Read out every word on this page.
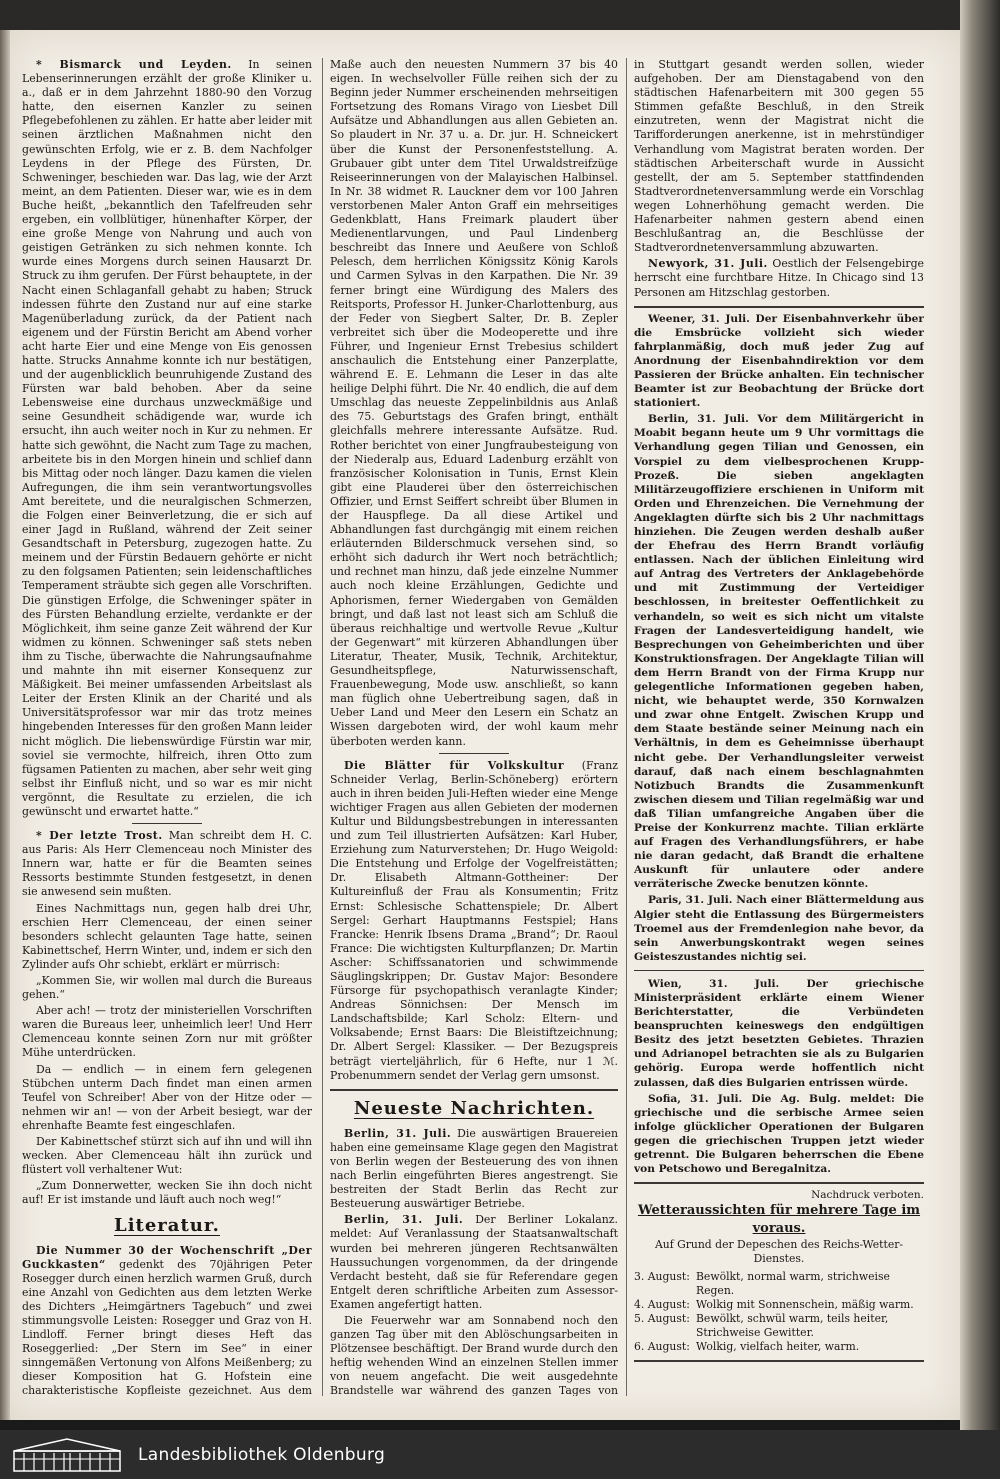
* Bismarck und Leyden. In seinen Lebenserinnerungen erzählt der große Kliniker u. a., daß er in dem Jahrzehnt 1880-90 den Vorzug hatte, den eisernen Kanzler zu seinen Pflegebefohlenen zu zählen. Er hatte aber leider mit seinen ärztlichen Maßnahmen nicht den gewünschten Erfolg, wie er z. B. dem Nachfolger Leydens in der Pflege des Fürsten, Dr. Schweninger, beschieden war. Das lag, wie der Arzt meint, an dem Patienten. Dieser war, wie es in dem Buche heißt, „bekanntlich den Tafelfreuden sehr ergeben, ein vollblütiger, hünenhafter Körper, der eine große Menge von Nahrung und auch von geistigen Getränken zu sich nehmen konnte. Ich wurde eines Morgens durch seinen Hausarzt Dr. Struck zu ihm gerufen. Der Fürst behauptete, in der Nacht einen Schlaganfall gehabt zu haben; Struck indessen führte den Zustand nur auf eine starke Magenüberladung zurück, da der Patient nach eigenem und der Fürstin Bericht am Abend vorher acht harte Eier und eine Menge von Eis genossen hatte. Strucks Annahme konnte ich nur bestätigen, und der augenblicklich beunruhigende Zustand des Fürsten war bald behoben. Aber da seine Lebensweise eine durchaus unzweckmäßige und seine Gesundheit schädigende war, wurde ich ersucht, ihn auch weiter noch in Kur zu nehmen. Er hatte sich gewöhnt, die Nacht zum Tage zu machen, arbeitete bis in den Morgen hinein und schlief dann bis Mittag oder noch länger. Dazu kamen die vielen Aufregungen, die ihm sein verantwortungsvolles Amt bereitete, und die neuralgischen Schmerzen, die Folgen einer Beinverletzung, die er sich auf einer Jagd in Rußland, während der Zeit seiner Gesandtschaft in Petersburg, zugezogen hatte. Zu meinem und der Fürstin Bedauern gehörte er nicht zu den folgsamen Patienten; sein leidenschaftliches Temperament sträubte sich gegen alle Vorschriften. Die günstigen Erfolge, die Schweninger später in des Fürsten Behandlung erzielte, verdankte er der Möglichkeit, ihm seine ganze Zeit während der Kur widmen zu können. Schweninger saß stets neben ihm zu Tische, überwachte die Nahrungsaufnahme und mahnte ihn mit eiserner Konsequenz zur Mäßigkeit. Bei meiner umfassenden Arbeitslast als Leiter der Ersten Klinik an der Charité und als Universitätsprofessor war mir das trotz meines hingebenden Interesses für den großen Mann leider nicht möglich. Die liebenswürdige Fürstin war mir, soviel sie vermochte, hilfreich, ihren Otto zum fügsamen Patienten zu machen, aber sehr weit ging selbst ihr Einfluß nicht, und so war es mir nicht vergönnt, die Resultate zu erzielen, die ich gewünscht und erwartet hatte.“

* Der letzte Trost. Man schreibt dem H. C. aus Paris: Als Herr Clemenceau noch Minister des Innern war, hatte er für die Beamten seines Ressorts bestimmte Stunden festgesetzt, in denen sie anwesend sein mußten.

Eines Nachmittags nun, gegen halb drei Uhr, erschien Herr Clemenceau, der einen seiner besonders schlecht gelaunten Tage hatte, seinen Kabinettschef, Herrn Winter, und, indem er sich den Zylinder aufs Ohr schiebt, erklärt er mürrisch:

„Kommen Sie, wir wollen mal durch die Bureaus gehen.“

Aber ach! — trotz der ministeriellen Vorschriften waren die Bureaus leer, unheimlich leer! Und Herr Clemenceau konnte seinen Zorn nur mit größter Mühe unterdrücken.

Da — endlich — in einem fern gelegenen Stübchen unterm Dach findet man einen armen Teufel von Schreiber! Aber von der Hitze oder — nehmen wir an! — von der Arbeit besiegt, war der ehrenhafte Beamte fest eingeschlafen.

Der Kabinettschef stürzt sich auf ihn und will ihn wecken. Aber Clemenceau hält ihn zurück und flüstert voll verhaltener Wut:

„Zum Donnerwetter, wecken Sie ihn doch nicht auf! Er ist imstande und läuft auch noch weg!“

Literatur.

Die Nummer 30 der Wochenschrift „Der Guckkasten“ gedenkt des 70jährigen Peter Rosegger durch einen herzlich warmen Gruß, durch eine Anzahl von Gedichten aus dem letzten Werke des Dichters „Heimgärtners Tagebuch“ und zwei stimmungsvolle Leisten: Rosegger und Graz von H. Lindloff. Ferner bringt dieses Heft das Roseggerlied: „Der Stern im See“ in einer sinngemäßen Vertonung von Alfons Meißenberg; zu dieser Komposition hat G. Hofstein eine charakteristische Kopfleiste gezeichnet. Aus dem

Maße auch den neuesten Nummern 37 bis 40 eigen. In wechselvoller Fülle reihen sich der zu Beginn jeder Nummer erscheinenden mehrseitigen Fortsetzung des Romans Virago von Liesbet Dill Aufsätze und Abhandlungen aus allen Gebieten an. So plaudert in Nr. 37 u. a. Dr. jur. H. Schneickert über die Kunst der Personenfeststellung. A. Grubauer gibt unter dem Titel Urwaldstreifzüge Reiseerinnerungen von der Malayischen Halbinsel. In Nr. 38 widmet R. Lauckner dem vor 100 Jahren verstorbenen Maler Anton Graff ein mehrseitiges Gedenkblatt, Hans Freimark plaudert über Medienentlarvungen, und Paul Lindenberg beschreibt das Innere und Aeußere von Schloß Pelesch, dem herrlichen Königssitz König Karols und Carmen Sylvas in den Karpathen. Die Nr. 39 ferner bringt eine Würdigung des Malers des Reitsports, Professor H. Junker-Charlottenburg, aus der Feder von Siegbert Salter, Dr. B. Zepler verbreitet sich über die Modeoperette und ihre Führer, und Ingenieur Ernst Trebesius schildert anschaulich die Entstehung einer Panzerplatte, während E. E. Lehmann die Leser in das alte heilige Delphi führt. Die Nr. 40 endlich, die auf dem Umschlag das neueste Zeppelinbildnis aus Anlaß des 75. Geburtstags des Grafen bringt, enthält gleichfalls mehrere interessante Aufsätze. Rud. Rother berichtet von einer Jungfraubesteigung von der Niederalp aus, Eduard Ladenburg erzählt von französischer Kolonisation in Tunis, Ernst Klein gibt eine Plauderei über den österreichischen Offizier, und Ernst Seiffert schreibt über Blumen in der Hauspflege. Da all diese Artikel und Abhandlungen fast durchgängig mit einem reichen erläuternden Bilderschmuck versehen sind, so erhöht sich dadurch ihr Wert noch beträchtlich; und rechnet man hinzu, daß jede einzelne Nummer auch noch kleine Erzählungen, Gedichte und Aphorismen, ferner Wiedergaben von Gemälden bringt, und daß last not least sich am Schluß die überaus reichhaltige und wertvolle Revue „Kultur der Gegenwart“ mit kürzeren Abhandlungen über Literatur, Theater, Musik, Technik, Architektur, Gesundheitspflege, Naturwissenschaft, Frauenbewegung, Mode usw. anschließt, so kann man füglich ohne Uebertreibung sagen, daß in Ueber Land und Meer den Lesern ein Schatz an Wissen dargeboten wird, der wohl kaum mehr überboten werden kann.

Die Blätter für Volkskultur (Franz Schneider Verlag, Berlin-Schöneberg) erörtern auch in ihren beiden Juli-Heften wieder eine Menge wichtiger Fragen aus allen Gebieten der modernen Kultur und Bildungsbestrebungen in interessanten und zum Teil illustrierten Aufsätzen: Karl Huber, Erziehung zum Naturverstehen; Dr. Hugo Weigold: Die Entstehung und Erfolge der Vogelfreistätten; Dr. Elisabeth Altmann-Gottheiner: Der Kultureinfluß der Frau als Konsumentin; Fritz Ernst: Schlesische Schattenspiele; Dr. Albert Sergel: Gerhart Hauptmanns Festspiel; Hans Francke: Henrik Ibsens Drama „Brand“; Dr. Raoul France: Die wichtigsten Kulturpflanzen; Dr. Martin Ascher: Schiffssanatorien und schwimmende Säuglingskrippen; Dr. Gustav Major: Besondere Fürsorge für psychopathisch veranlagte Kinder; Andreas Sönnichsen: Der Mensch im Landschaftsbilde; Karl Scholz: Eltern- und Volksabende; Ernst Baars: Die Bleistiftzeichnung; Dr. Albert Sergel: Klassiker. — Der Bezugspreis beträgt vierteljährlich, für 6 Hefte, nur 1 ℳ. Probenummern sendet der Verlag gern umsonst.

Neueste Nachrichten.

Berlin, 31. Juli. Die auswärtigen Brauereien haben eine gemeinsame Klage gegen den Magistrat von Berlin wegen der Besteuerung des von ihnen nach Berlin eingeführten Bieres angestrengt. Sie bestreiten der Stadt Berlin das Recht zur Besteuerung auswärtiger Betriebe.

Berlin, 31. Juli. Der Berliner Lokalanz. meldet: Auf Veranlassung der Staatsanwaltschaft wurden bei mehreren jüngeren Rechtsanwälten Haussuchungen vorgenommen, da der dringende Verdacht besteht, daß sie für Referendare gegen Entgelt deren schriftliche Arbeiten zum Assessor-Examen angefertigt hatten.

Die Feuerwehr war am Sonnabend noch den ganzen Tag über mit den Ablöschungsarbeiten in Plötzensee beschäftigt. Der Brand wurde durch den heftig wehenden Wind an einzelnen Stellen immer von neuem angefacht. Die weit ausgedehnte Brandstelle war während des ganzen Tages von

in Stuttgart gesandt werden sollen, wieder aufgehoben. Der am Dienstagabend von den städtischen Hafenarbeitern mit 300 gegen 55 Stimmen gefaßte Beschluß, in den Streik einzutreten, wenn der Magistrat nicht die Tarifforderungen anerkenne, ist in mehrstündiger Verhandlung vom Magistrat beraten worden. Der städtischen Arbeiterschaft wurde in Aussicht gestellt, der am 5. September stattfindenden Stadtverordnetenversammlung werde ein Vorschlag wegen Lohnerhöhung gemacht werden. Die Hafenarbeiter nahmen gestern abend einen Beschlußantrag an, die Beschlüsse der Stadtverordnetenversammlung abzuwarten.

Newyork, 31. Juli. Oestlich der Felsengebirge herrscht eine furchtbare Hitze. In Chicago sind 13 Personen am Hitzschlag gestorben.

Weener, 31. Juli. Der Eisenbahnverkehr über die Emsbrücke vollzieht sich wieder fahrplanmäßig, doch muß jeder Zug auf Anordnung der Eisenbahndirektion vor dem Passieren der Brücke anhalten. Ein technischer Beamter ist zur Beobachtung der Brücke dort stationiert.

Berlin, 31. Juli. Vor dem Militärgericht in Moabit begann heute um 9 Uhr vormittags die Verhandlung gegen Tilian und Genossen, ein Vorspiel zu dem vielbesprochenen Krupp-Prozeß. Die sieben angeklagten Militärzeugoffiziere erschienen in Uniform mit Orden und Ehrenzeichen. Die Vernehmung der Angeklagten dürfte sich bis 2 Uhr nachmittags hinziehen. Die Zeugen werden deshalb außer der Ehefrau des Herrn Brandt vorläufig entlassen. Nach der üblichen Einleitung wird auf Antrag des Vertreters der Anklagebehörde und mit Zustimmung der Verteidiger beschlossen, in breitester Oeffentlichkeit zu verhandeln, so weit es sich nicht um vitalste Fragen der Landesverteidigung handelt, wie Besprechungen von Geheimberichten und über Konstruktionsfragen. Der Angeklagte Tilian will dem Herrn Brandt von der Firma Krupp nur gelegentliche Informationen gegeben haben, nicht, wie behauptet werde, 350 Kornwalzen und zwar ohne Entgelt. Zwischen Krupp und dem Staate bestände seiner Meinung nach ein Verhältnis, in dem es Geheimnisse überhaupt nicht gebe. Der Verhandlungsleiter verweist darauf, daß nach einem beschlagnahmten Notizbuch Brandts die Zusammenkunft zwischen diesem und Tilian regelmäßig war und daß Tilian umfangreiche Angaben über die Preise der Konkurrenz machte. Tilian erklärte auf Fragen des Verhandlungsführers, er habe nie daran gedacht, daß Brandt die erhaltene Auskunft für unlautere oder andere verräterische Zwecke benutzen könnte.

Paris, 31. Juli. Nach einer Blättermeldung aus Algier steht die Entlassung des Bürgermeisters Troemel aus der Fremdenlegion nahe bevor, da sein Anwerbungskontrakt wegen seines Geisteszustandes nichtig sei.

Wien, 31. Juli. Der griechische Ministerpräsident erklärte einem Wiener Berichterstatter, die Verbündeten beanspruchten keineswegs den endgültigen Besitz des jetzt besetzten Gebietes. Thrazien und Adrianopel betrachten sie als zu Bulgarien gehörig. Europa werde hoffentlich nicht zulassen, daß dies Bulgarien entrissen würde.

Sofia, 31. Juli. Die Ag. Bulg. meldet: Die griechische und die serbische Armee seien infolge glücklicher Operationen der Bulgaren gegen die griechischen Truppen jetzt wieder getrennt. Die Bulgaren beherrschen die Ebene von Petschowo und Beregalnitza.

Nachdruck verboten.
Wetteraussichten für mehrere Tage im voraus.
Auf Grund der Depeschen des Reichs-Wetter-Dienstes.
3. August: Bewölkt, normal warm, strichweise Regen.
4. August: Wolkig mit Sonnenschein, mäßig warm.
5. August: Bewölkt, schwül warm, teils heiter, Strichweise Gewitter.
6. August: Wolkig, vielfach heiter, warm.
Landesbibliothek Oldenburg
